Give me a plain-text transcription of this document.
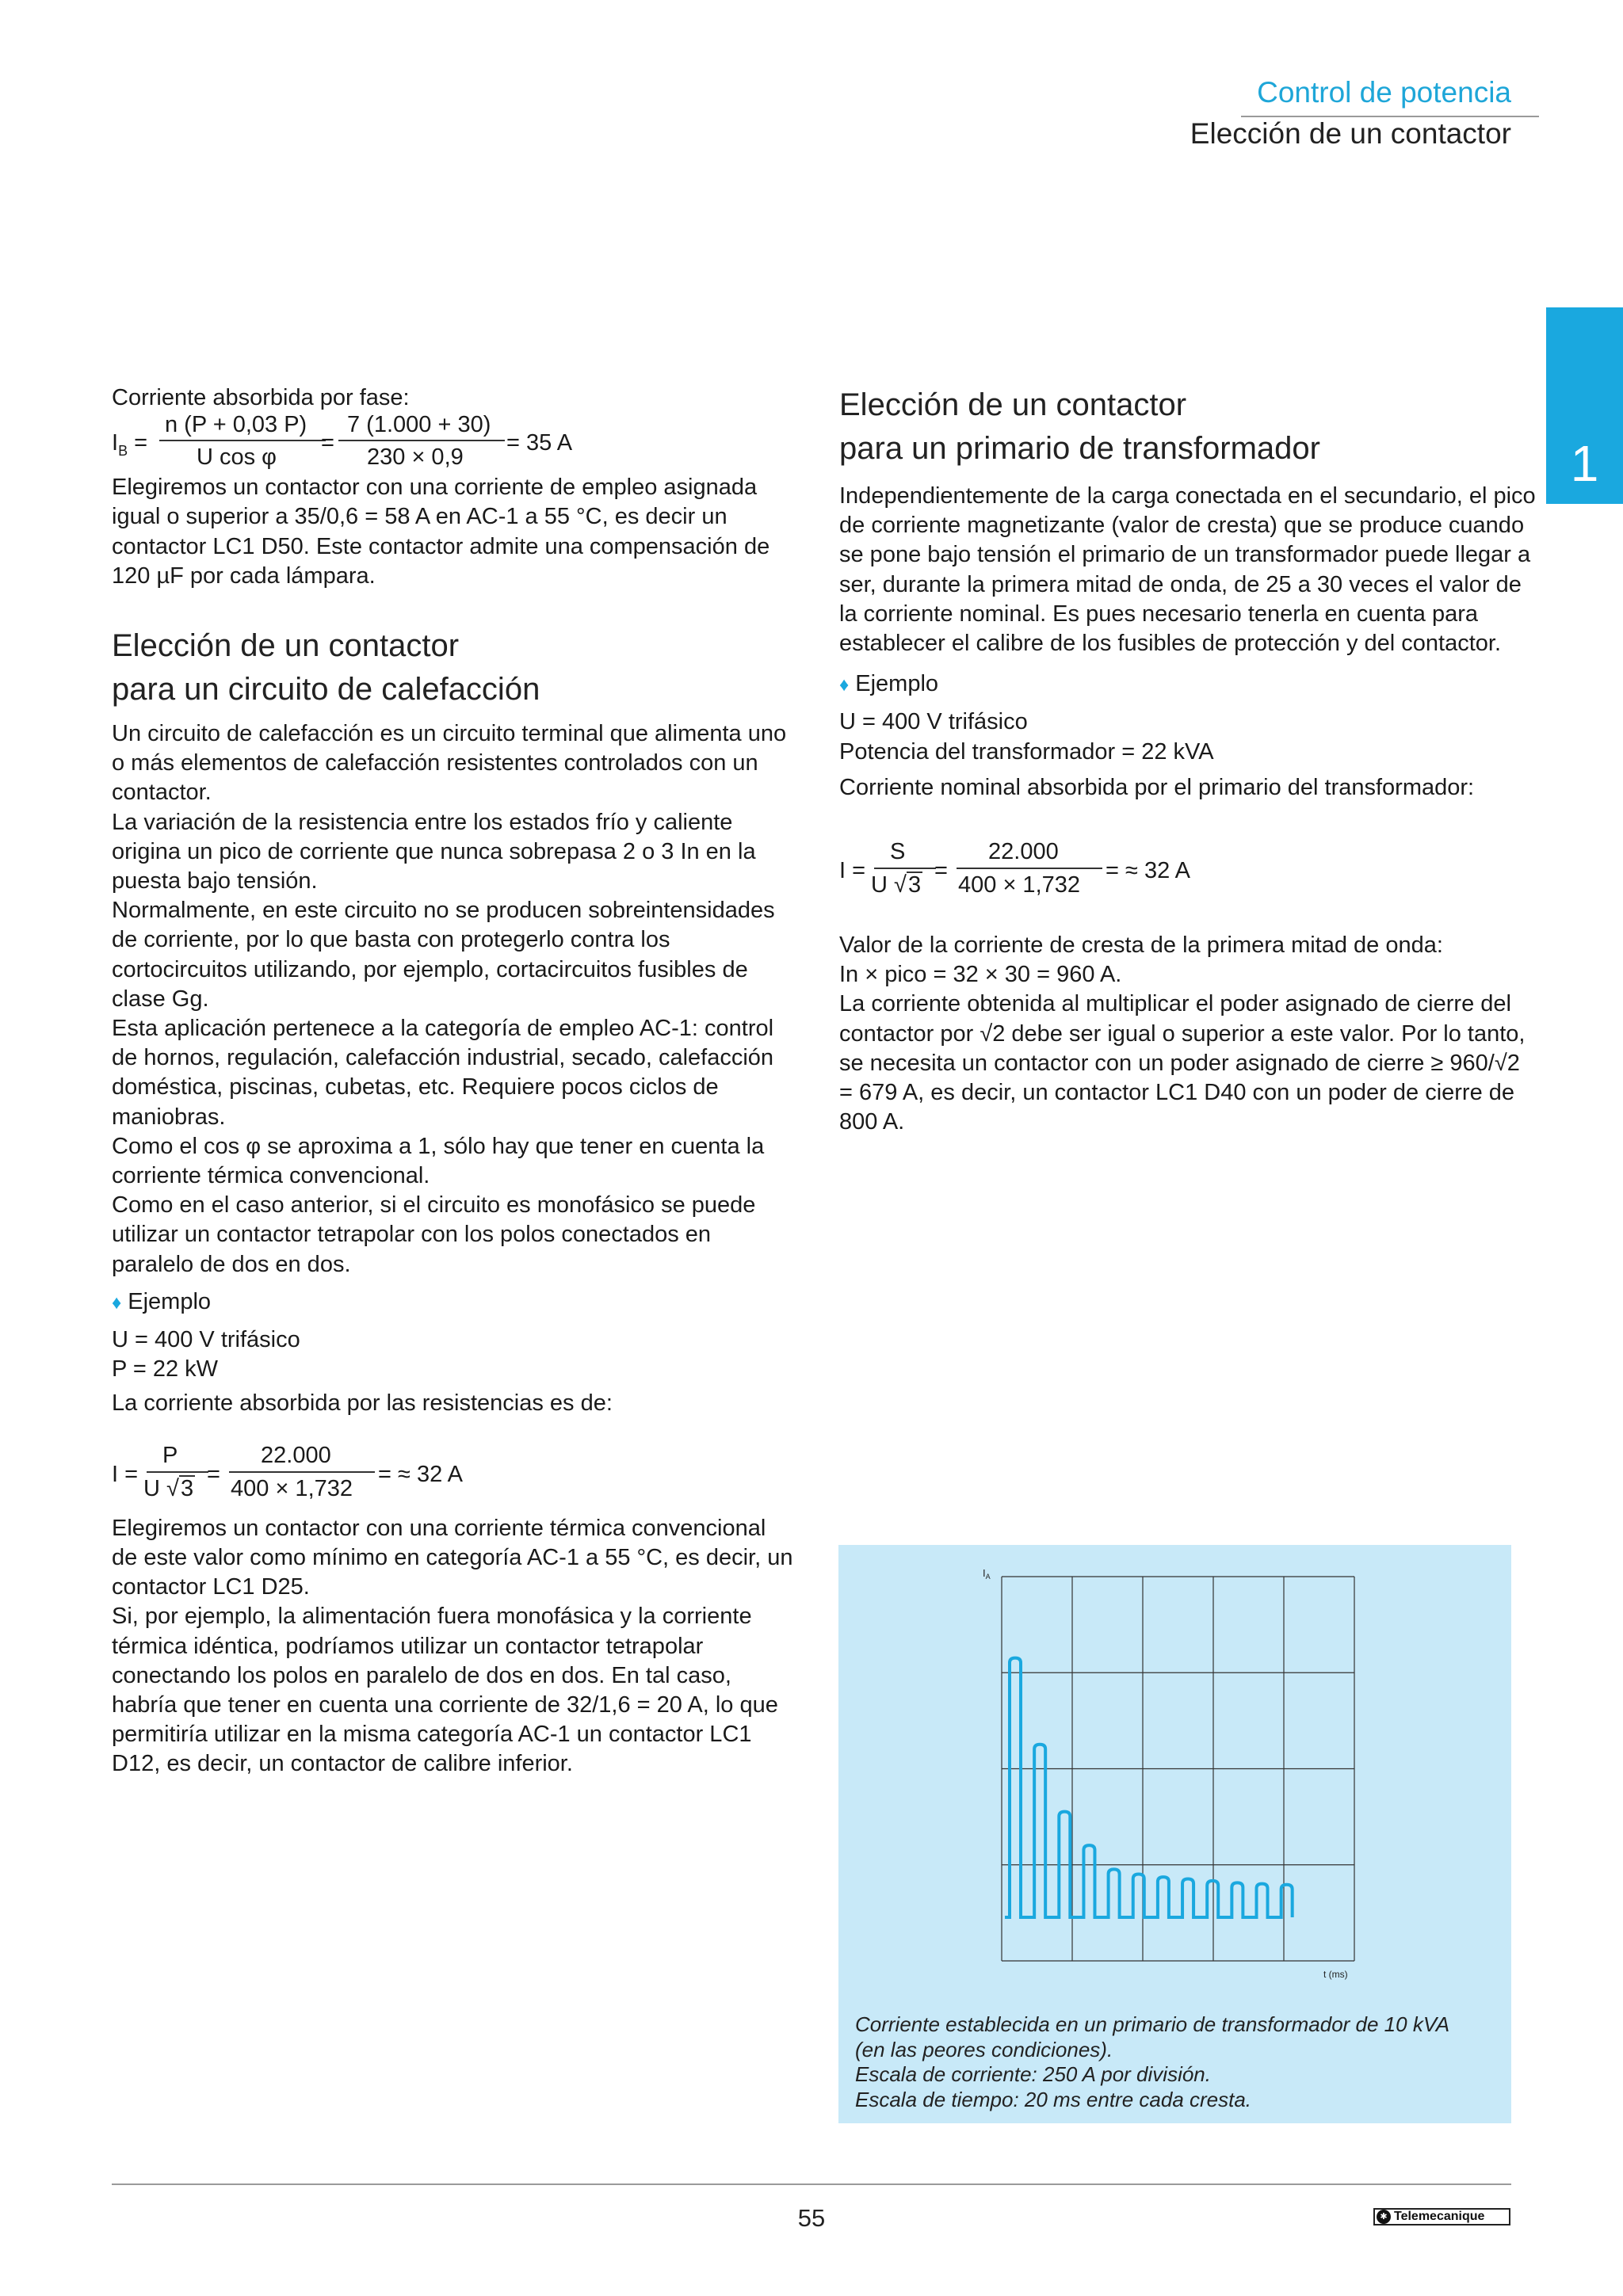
Control de potencia
Elección de un contactor
1

Corriente absorbida por fase:

$I_B$ =
n (P + 0,03 P)
U cos φ
=
7 (1.000 + 30)
230 × 0,9
= 35 A

Elegiremos un contactor con una corriente de empleo asignada igual o superior a 35/0,6 = 58 A en AC-1 a 55 °C, es decir un contactor LC1 D50. Este contactor admite una compensación de 120 µF por cada lámpara.

Elección de un contactor
para un circuito de calefacción

Un circuito de calefacción es un circuito terminal que alimenta uno o más elementos de calefacción resistentes controlados con un contactor.

La variación de la resistencia entre los estados frío y caliente origina un pico de corriente que nunca sobrepasa 2 o 3 In en la puesta bajo tensión.

Normalmente, en este circuito no se producen sobreintensidades de corriente, por lo que basta con protegerlo contra los cortocircuitos utilizando, por ejemplo, cortacircuitos fusibles de clase Gg.

Esta aplicación pertenece a la categoría de empleo AC-1: control de hornos, regulación, calefacción industrial, secado, calefacción doméstica, piscinas, cubetas, etc. Requiere pocos ciclos de maniobras.

Como el cos φ se aproxima a 1, sólo hay que tener en cuenta la corriente térmica convencional.

Como en el caso anterior, si el circuito es monofásico se puede utilizar un contactor tetrapolar con los polos conectados en paralelo de dos en dos.

♦ Ejemplo

U = 400 V trifásico

P = 22 kW

La corriente absorbida por las resistencias es de:

I =
P
U √3
=
22.000
400 × 1,732
= ≈ 32 A

Elegiremos un contactor con una corriente térmica convencional de este valor como mínimo en categoría AC-1 a 55 °C, es decir, un contactor LC1 D25.

Si, por ejemplo, la alimentación fuera monofásica y la corriente térmica idéntica, podríamos utilizar un contactor tetrapolar conectando los polos en paralelo de dos en dos. En tal caso, habría que tener en cuenta una corriente de 32/1,6 = 20 A, lo que permitiría utilizar en la misma categoría AC-1 un contactor LC1 D12, es decir, un contactor de calibre inferior.

Elección de un contactor
para un primario de transformador

Independientemente de la carga conectada en el secundario, el pico de corriente magnetizante (valor de cresta) que se produce cuando se pone bajo tensión el primario de un transformador puede llegar a ser, durante la primera mitad de onda, de 25 a 30 veces el valor de la corriente nominal. Es pues necesario tenerla en cuenta para establecer el calibre de los fusibles de protección y del contactor.

♦ Ejemplo

U = 400 V trifásico

Potencia del transformador = 22 kVA

Corriente nominal absorbida por el primario del transformador:

I =
S
U √3
=
22.000
400 × 1,732
= ≈ 32 A

Valor de la corriente de cresta de la primera mitad de onda:

In × pico = 32 × 30 = 960 A.

La corriente obtenida al multiplicar el poder asignado de cierre del contactor por √2 debe ser igual o superior a este valor. Por lo tanto, se necesita un contactor con un poder asignado de cierre ≥ 960/√2 = 679 A, es decir, un contactor LC1 D40 con un poder de cierre de 800 A.

$I_A$
t (ms)

Corriente establecida en un primario de transformador de 10 kVA

(en las peores condiciones).

Escala de corriente: 250 A por división.

Escala de tiempo: 20 ms entre cada cresta.

55	✱ Telemecanique
